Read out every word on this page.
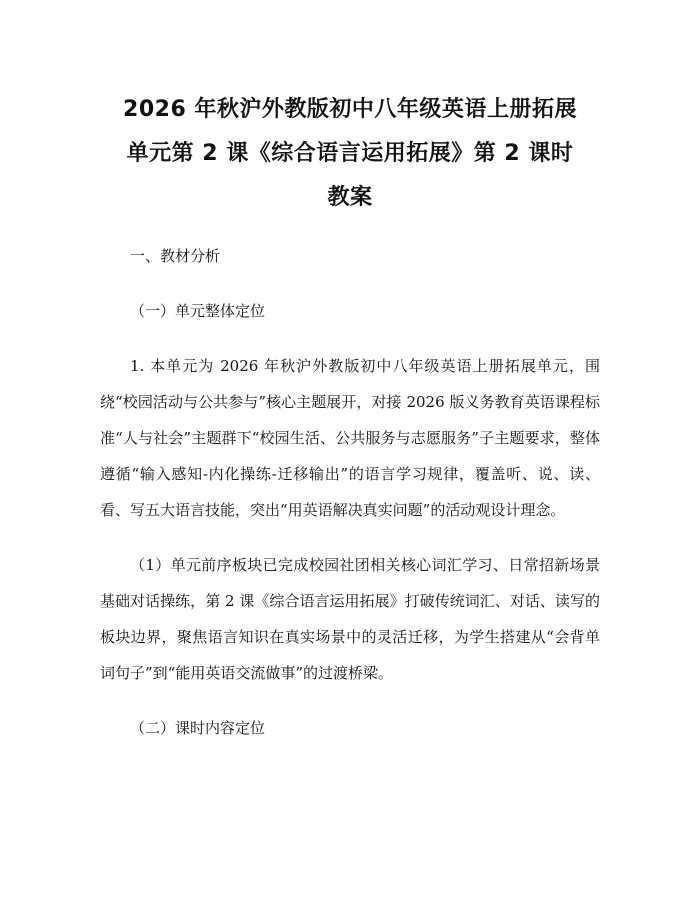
2026 年秋沪外教版初中八年级英语上册拓展
单元第 2 课《综合语言运用拓展》第 2 课时
教案

一、教材分析

（一）单元整体定位

1. 本单元为 2026 年秋沪外教版初中八年级英语上册拓展单元，围绕“校园活动与公共参与”核心主题展开，对接 2026 版义务教育英语课程标准“人与社会”主题群下“校园生活、公共服务与志愿服务”子主题要求，整体遵循“输入感知-内化操练-迁移输出”的语言学习规律，覆盖听、说、读、看、写五大语言技能，突出“用英语解决真实问题”的活动观设计理念。

（1）单元前序板块已完成校园社团相关核心词汇学习、日常招新场景基础对话操练，第 2 课《综合语言运用拓展》打破传统词汇、对话、读写的板块边界，聚焦语言知识在真实场景中的灵活迁移，为学生搭建从“会背单词句子”到“能用英语交流做事”的过渡桥梁。

（二）课时内容定位
